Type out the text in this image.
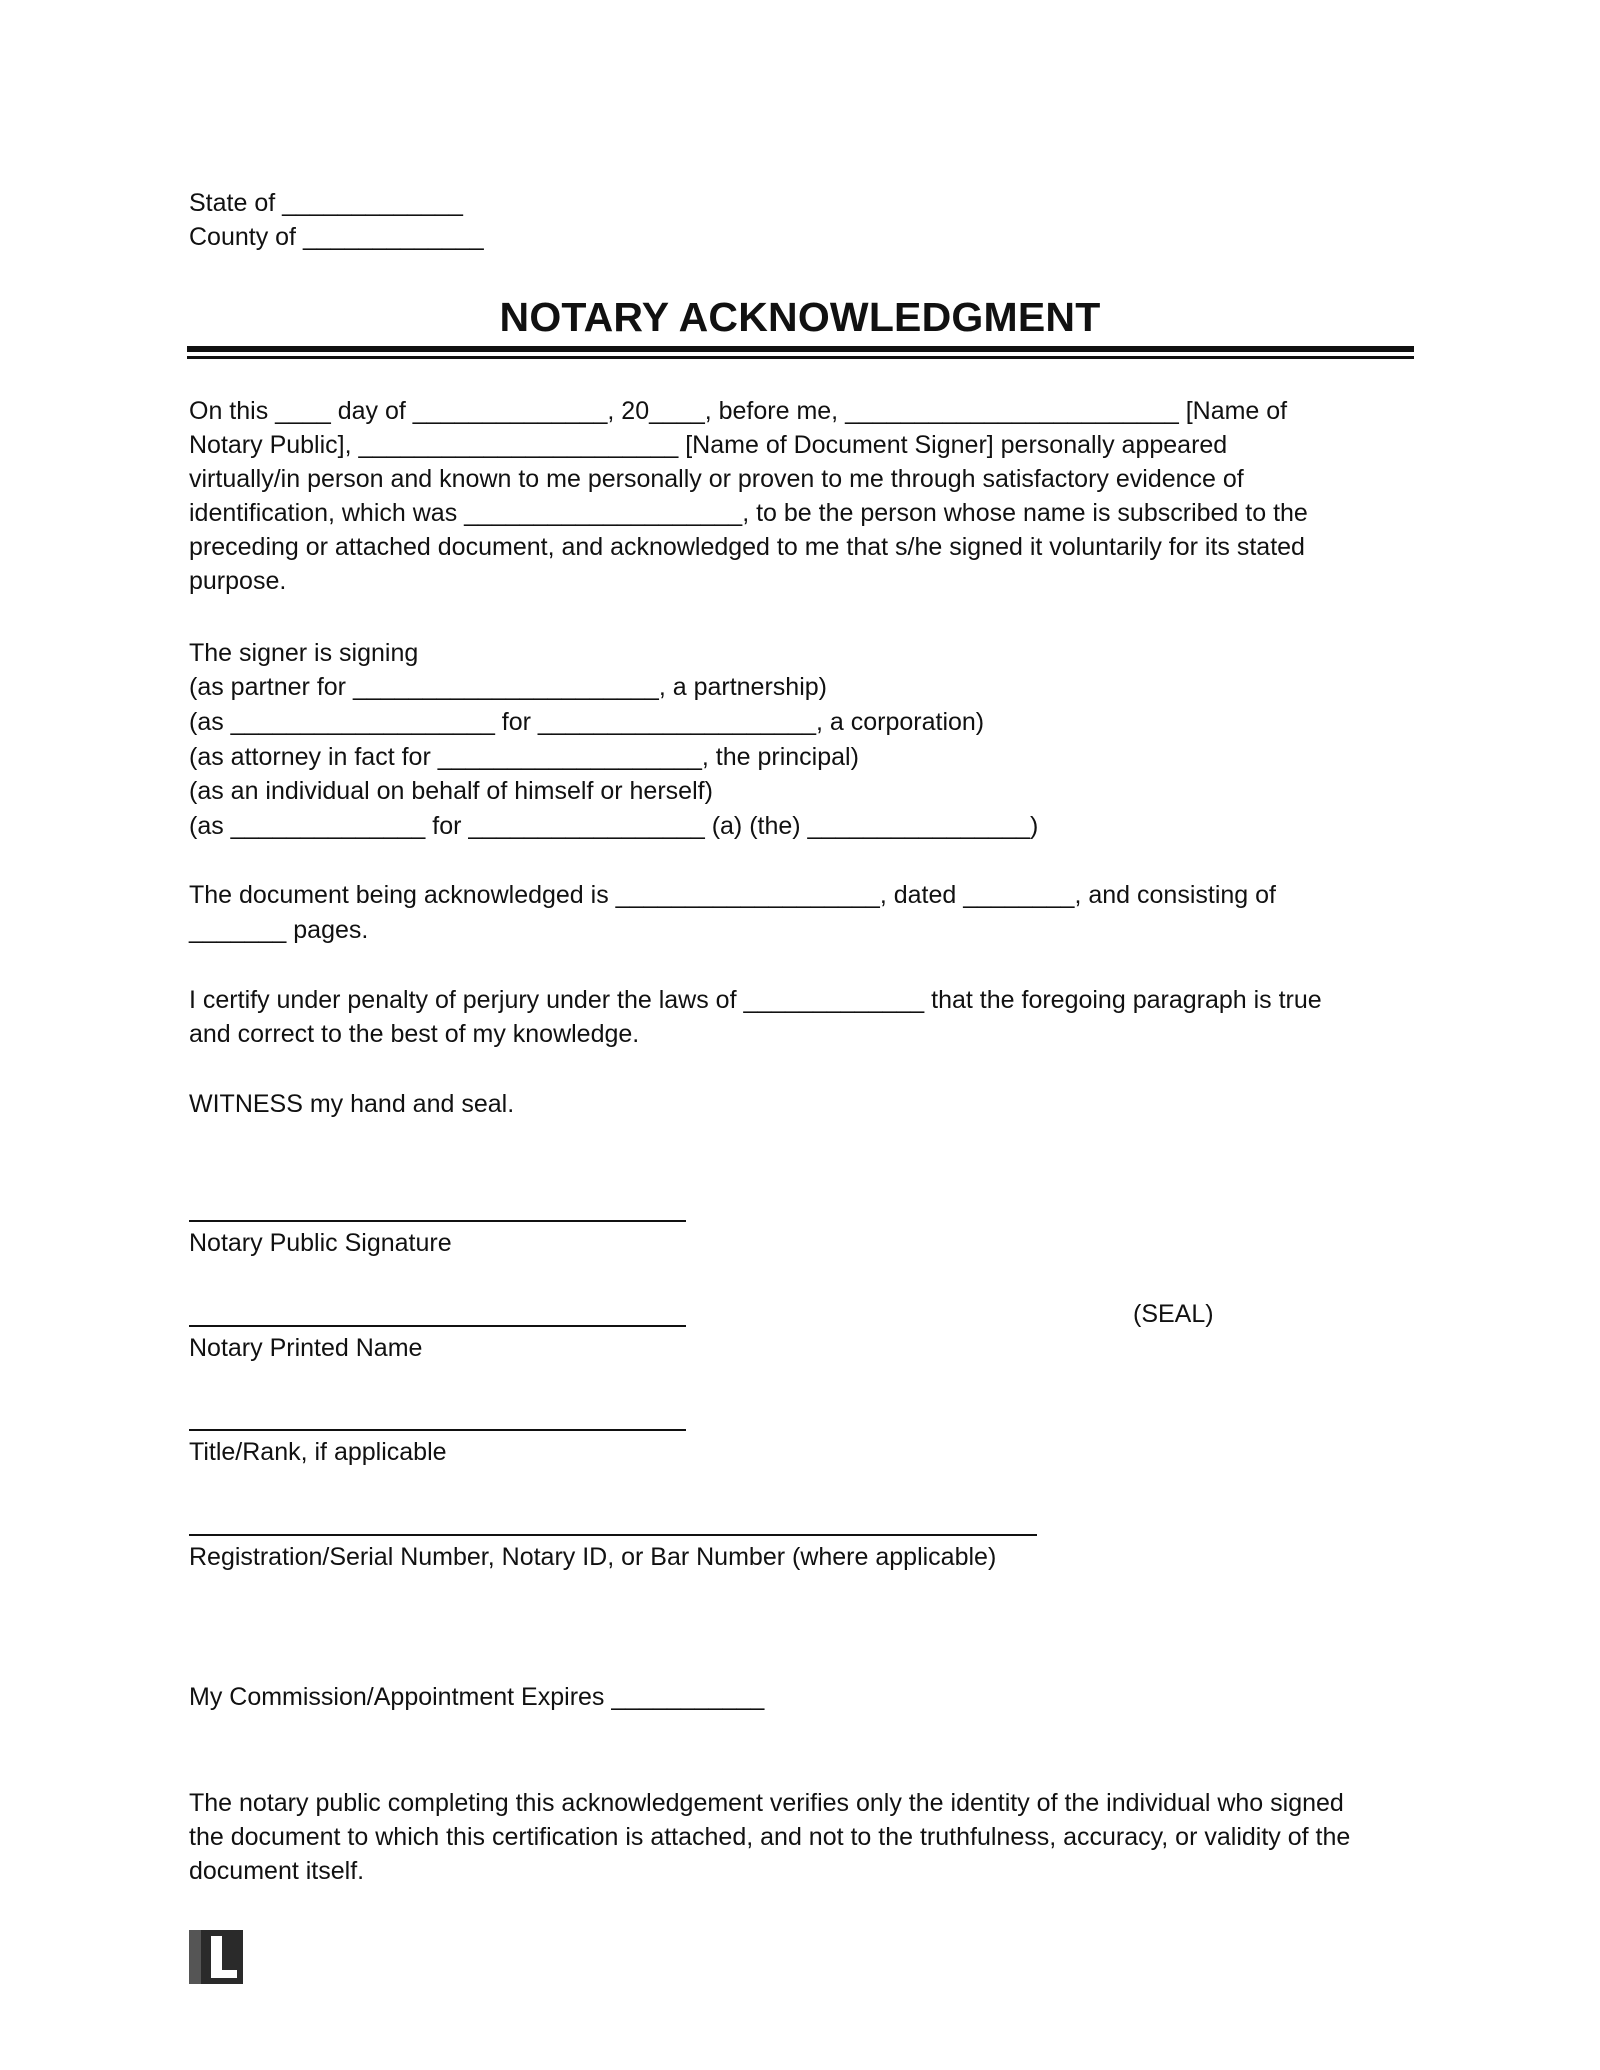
State of _____________
County of _____________
NOTARY ACKNOWLEDGMENT
On this ____ day of ______________, 20____, before me, ________________________ [Name of
Notary Public], _______________________ [Name of Document Signer] personally appeared
virtually/in person and known to me personally or proven to me through satisfactory evidence of
identification, which was ____________________, to be the person whose name is subscribed to the
preceding or attached document, and acknowledged to me that s/he signed it voluntarily for its stated
purpose.
The signer is signing
(as partner for ______________________, a partnership)
(as ___________________ for ____________________, a corporation)
(as attorney in fact for ___________________, the principal)
(as an individual on behalf of himself or herself)
(as ______________ for _________________ (a) (the) ________________)
The document being acknowledged is ___________________, dated ________, and consisting of
_______ pages.
I certify under penalty of perjury under the laws of _____________ that the foregoing paragraph is true
and correct to the best of my knowledge.
WITNESS my hand and seal.
Notary Public Signature
Notary Printed Name
(SEAL)
Title/Rank, if applicable
Registration/Serial Number, Notary ID, or Bar Number (where applicable)
My Commission/Appointment Expires ___________
The notary public completing this acknowledgement verifies only the identity of the individual who signed
the document to which this certification is attached, and not to the truthfulness, accuracy, or validity of the
document itself.
